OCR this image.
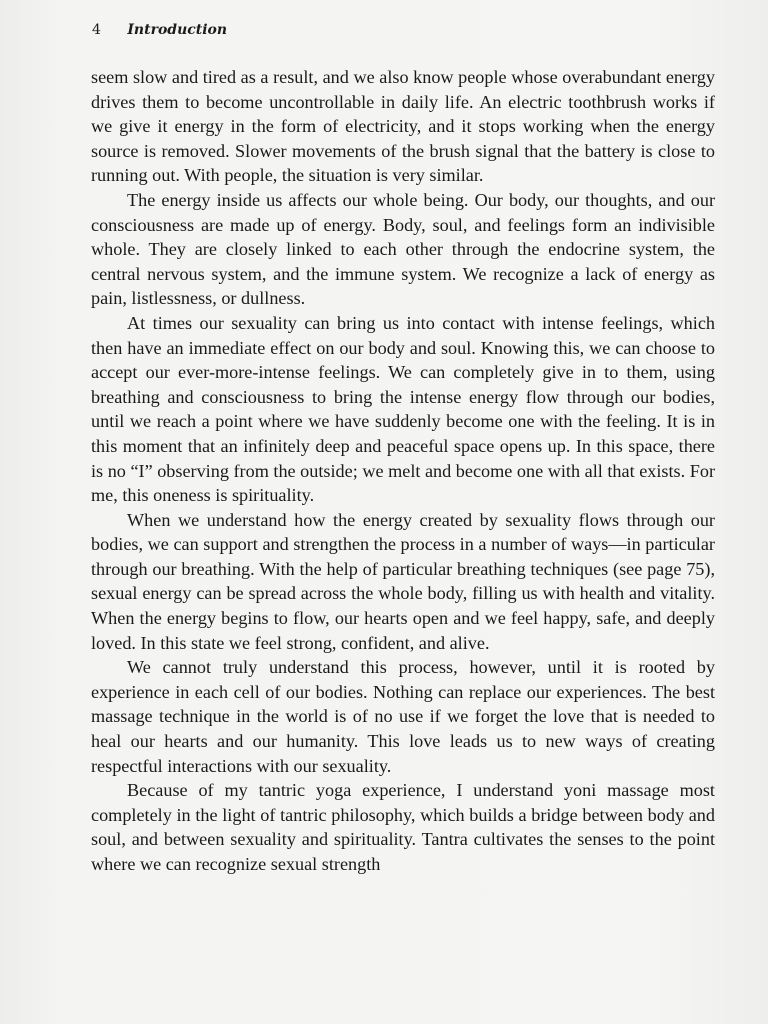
4 Introduction

seem slow and tired as a result, and we also know people whose overabundant energy drives them to become uncontrollable in daily life. An electric toothbrush works if we give it energy in the form of electricity, and it stops working when the energy source is removed. Slower movements of the brush signal that the battery is close to running out. With people, the situation is very similar.

The energy inside us affects our whole being. Our body, our thoughts, and our consciousness are made up of energy. Body, soul, and feelings form an indivisible whole. They are closely linked to each other through the endocrine system, the central nervous system, and the immune system. We recognize a lack of energy as pain, listlessness, or dullness.

At times our sexuality can bring us into contact with intense feelings, which then have an immediate effect on our body and soul. Knowing this, we can choose to accept our ever-more-intense feelings. We can completely give in to them, using breathing and consciousness to bring the intense energy flow through our bodies, until we reach a point where we have suddenly become one with the feeling. It is in this moment that an infinitely deep and peaceful space opens up. In this space, there is no “I” observing from the outside; we melt and become one with all that exists. For me, this oneness is spirituality.

When we understand how the energy created by sexuality flows through our bodies, we can support and strengthen the process in a number of ways—in particular through our breathing. With the help of particular breathing techniques (see page 75), sexual energy can be spread across the whole body, filling us with health and vitality. When the energy begins to flow, our hearts open and we feel happy, safe, and deeply loved. In this state we feel strong, confident, and alive.

We cannot truly understand this process, however, until it is rooted by experience in each cell of our bodies. Nothing can replace our experiences. The best massage technique in the world is of no use if we forget the love that is needed to heal our hearts and our humanity. This love leads us to new ways of creating respectful interactions with our sexuality.

Because of my tantric yoga experience, I understand yoni massage most completely in the light of tantric philosophy, which builds a bridge between body and soul, and between sexuality and spirituality. Tantra cultivates the senses to the point where we can recognize sexual strength
